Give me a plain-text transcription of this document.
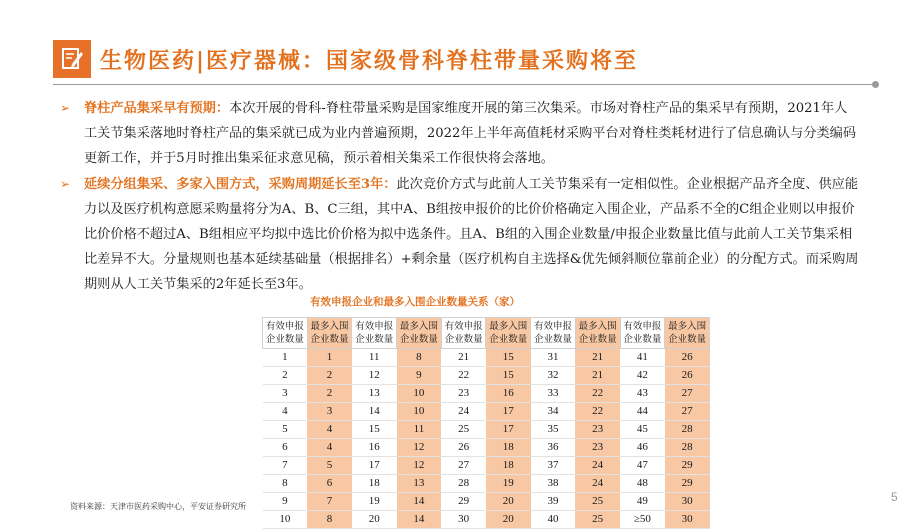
生物医药|医疗器械：国家级骨科脊柱带量采购将至
➢ 脊柱产品集采早有预期：本次开展的骨科-脊柱带量采购是国家维度开展的第三次集采。市场对脊柱产品的集采早有预期，2021年人工关节集采落地时脊柱产品的集采就已成为业内普遍预期，2022年上半年高值耗材采购平台对脊柱类耗材进行了信息确认与分类编码更新工作，并于5月时推出集采征求意见稿，预示着相关集采工作很快将会落地。
➢ 延续分组集采、多家入围方式，采购周期延长至3年：此次竞价方式与此前人工关节集采有一定相似性。企业根据产品齐全度、供应能力以及医疗机构意愿采购量将分为A、B、C三组，其中A、B组按申报价的比价价格确定入围企业，产品系不全的C组企业则以申报价比价价格不超过A、B组相应平均拟中选比价价格为拟中选条件。且A、B组的入围企业数量/申报企业数量比值与此前人工关节集采相比差异不大。分量规则也基本延续基础量（根据排名）+剩余量（医疗机构自主选择&优先倾斜顺位靠前企业）的分配方式。而采购周期则从人工关节集采的2年延长至3年。
有效申报企业和最多入围企业数量关系（家）
有效申报企业数量	最多入围企业数量	有效申报企业数量	最多入围企业数量	有效申报企业数量	最多入围企业数量	有效申报企业数量	最多入围企业数量	有效申报企业数量	最多入围企业数量
1	1	11	8	21	15	31	21	41	26
2	2	12	9	22	15	32	21	42	26
3	2	13	10	23	16	33	22	43	27
4	3	14	10	24	17	34	22	44	27
5	4	15	11	25	17	35	23	45	28
6	4	16	12	26	18	36	23	46	28
7	5	17	12	27	18	37	24	47	29
8	6	18	13	28	19	38	24	48	29
9	7	19	14	29	20	39	25	49	30
10	8	20	14	30	20	40	25	≥50	30
资料来源：天津市医药采购中心，平安证券研究所
5
